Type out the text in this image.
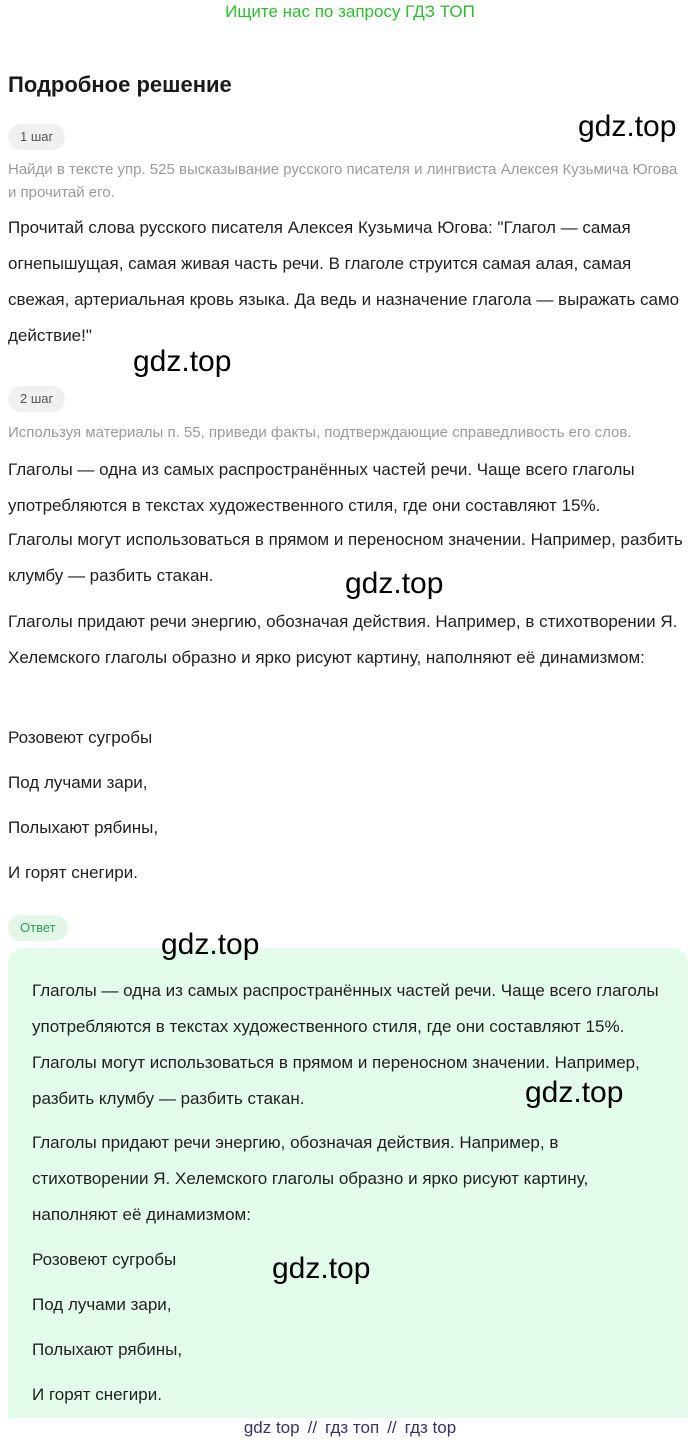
Ищите нас по запросу ГДЗ ТОП
Подробное решение
1 шаг	gdz.top
Найди в тексте упр. 525 высказывание русского писателя и лингвиста Алексея Кузьмича Югова и прочитай его.
Прочитай слова русского писателя Алексея Кузьмича Югова: "Глагол — самая огнепышущая, самая живая часть речи. В глаголе струится самая алая, самая свежая, артериальная кровь языка. Да ведь и назначение глагола — выражать само действие!"
gdz.top
2 шаг
Используя материалы п. 55, приведи факты, подтверждающие справедливость его слов.
Глаголы — одна из самых распространённых частей речи. Чаще всего глаголы употребляются в текстах художественного стиля, где они составляют 15%.
Глаголы могут использоваться в прямом и переносном значении. Например, разбить клумбу — разбить стакан.	gdz.top
Глаголы придают речи энергию, обозначая действия. Например, в стихотворении Я. Хелемского глаголы образно и ярко рисуют картину, наполняют её динамизмом:
Розовеют сугробы
Под лучами зари,
Полыхают рябины,
И горят снегири.
Ответ
gdz.top
Глаголы — одна из самых распространённых частей речи. Чаще всего глаголы употребляются в текстах художественного стиля, где они составляют 15%. Глаголы могут использоваться в прямом и переносном значении. Например, разбить клумбу — разбить стакан.	gdz.top
Глаголы придают речи энергию, обозначая действия. Например, в стихотворении Я. Хелемского глаголы образно и ярко рисуют картину, наполняют её динамизмом:
Розовеют сугробы	gdz.top
Под лучами зари,
Полыхают рябины,
И горят снегири.
gdz top // гдз топ // гдз top
